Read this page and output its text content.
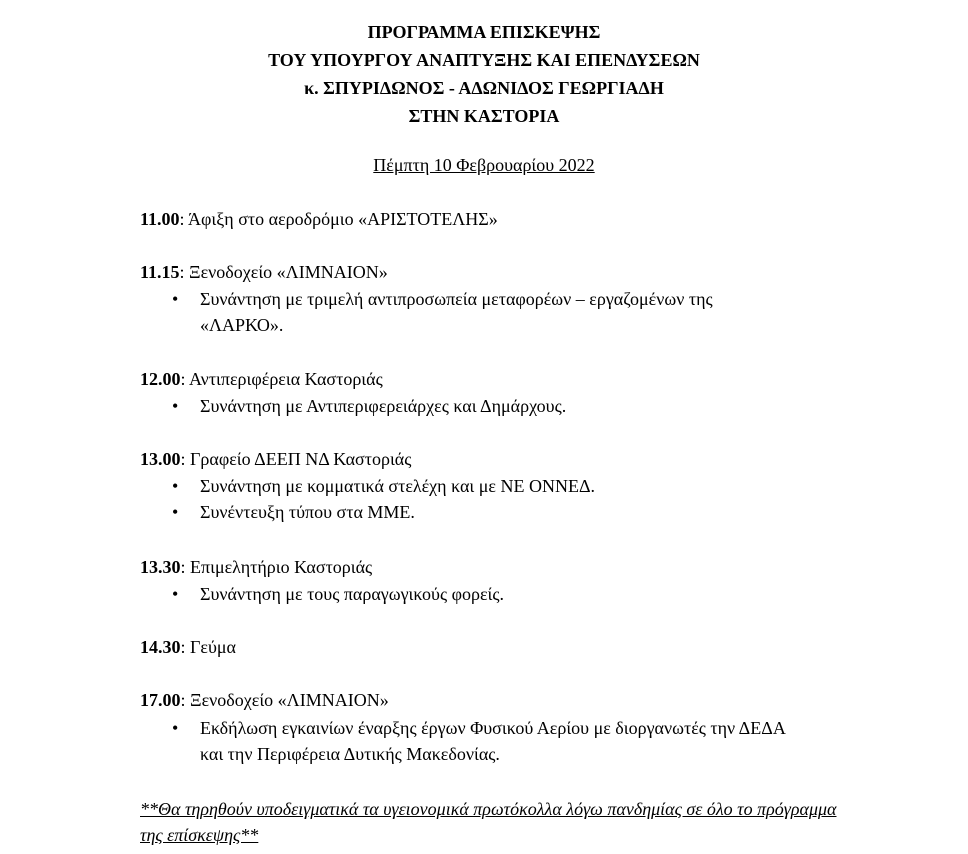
ΠΡΟΓΡΑΜΜΑ ΕΠΙΣΚΕΨΗΣ
ΤΟΥ ΥΠΟΥΡΓΟΥ ΑΝΑΠΤΥΞΗΣ ΚΑΙ ΕΠΕΝΔΥΣΕΩΝ
κ. ΣΠΥΡΙΔΩΝΟΣ - ΑΔΩΝΙΔΟΣ ΓΕΩΡΓΙΑΔΗ
ΣΤΗΝ ΚΑΣΤΟΡΙΑ
Πέμπτη 10 Φεβρουαρίου 2022
11.00: Άφιξη στο αεροδρόμιο «ΑΡΙΣΤΟΤΕΛΗΣ»
11.15: Ξενοδοχείο «ΛΙΜΝΑΙΟΝ»
• Συνάντηση με τριμελή αντιπροσωπεία μεταφορέων – εργαζομένων της «ΛΑΡΚΟ».
12.00: Αντιπεριφέρεια Καστοριάς
• Συνάντηση με Αντιπεριφερειάρχες και Δημάρχους.
13.00: Γραφείο ΔΕΕΠ ΝΔ Καστοριάς
• Συνάντηση με κομματικά στελέχη και με ΝΕ ΟΝΝΕΔ.
• Συνέντευξη τύπου στα ΜΜΕ.
13.30: Επιμελητήριο Καστοριάς
• Συνάντηση με τους παραγωγικούς φορείς.
14.30: Γεύμα
17.00: Ξενοδοχείο «ΛΙΜΝΑΙΟΝ»
• Εκδήλωση εγκαινίων έναρξης έργων Φυσικού Αερίου με διοργανωτές την ΔΕΔΑ και την Περιφέρεια Δυτικής Μακεδονίας.
**Θα τηρηθούν υποδειγματικά τα υγειονομικά πρωτόκολλα λόγω πανδημίας σε όλο το πρόγραμμα της επίσκεψης**
